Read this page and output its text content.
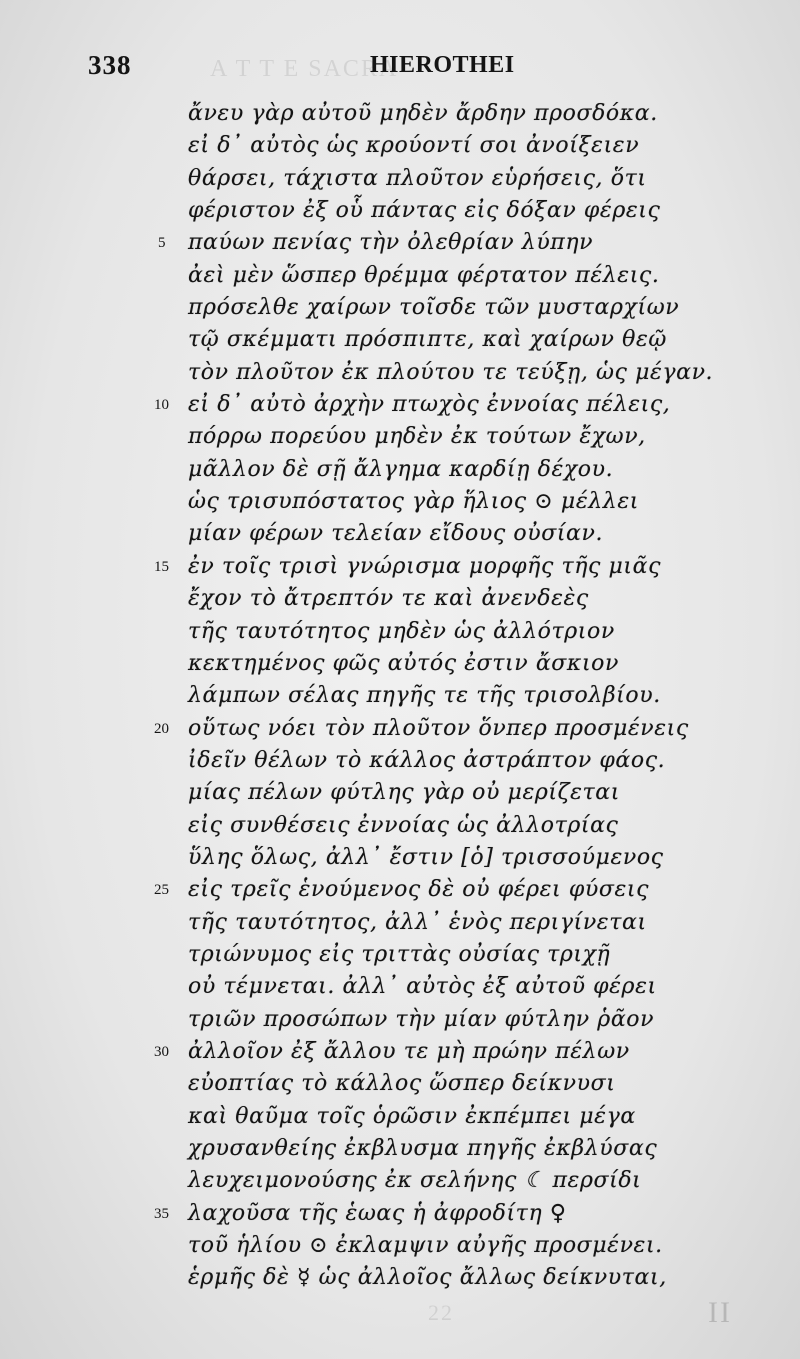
Α Τ Τ Ε SACRA
22	II
338	HIEROTHEI
ἄνευ γὰρ αὐτοῦ μηδὲν ἄρδην προσδόκα.
εἰ δ᾽ αὐτὸς ὡς κρούοντί σοι ἀνοίξειεν
θάρσει, τάχιστα πλοῦτον εὑρήσεις, ὅτι
φέριστον ἐξ οὗ πάντας εἰς δόξαν φέρεις
5	παύων πενίας τὴν ὀλεθρίαν λύπην
ἀεὶ μὲν ὥσπερ θρέμμα φέρτατον πέλεις.
πρόσελθε χαίρων τοῖσδε τῶν μυσταρχίων
τῷ σκέμματι πρόσπιπτε, καὶ χαίρων θεῷ
τὸν πλοῦτον ἐκ πλούτου τε τεύξῃ, ὡς μέγαν.
10 εἰ δ᾽ αὐτὸ ἀρχὴν πτωχὸς ἐννοίας πέλεις,
πόρρω πορεύου μηδὲν ἐκ τούτων ἔχων,
μᾶλλον δὲ σῇ ἄλγημα καρδίῃ δέχου.
ὡς τρισυπόστατος γὰρ ἥλιος ⊙ μέλλει
μίαν φέρων τελείαν εἴδους οὐσίαν.
15 ἐν τοῖς τρισὶ γνώρισμα μορφῆς τῆς μιᾶς
ἔχον τὸ ἄτρεπτόν τε καὶ ἀνενδεὲς
τῆς ταυτότητος μηδὲν ὡς ἀλλότριον
κεκτημένος φῶς αὐτός ἐστιν ἄσκιον
λάμπων σέλας πηγῆς τε τῆς τρισολβίου.
20 οὕτως νόει τὸν πλοῦτον ὅνπερ προσμένεις
ἰδεῖν θέλων τὸ κάλλος ἀστράπτον φάος.
μίας πέλων φύτλης γὰρ οὐ μερίζεται
εἰς συνθέσεις ἐννοίας ὡς ἀλλοτρίας
ὕλης ὅλως, ἀλλ᾽ ἔστιν [ὁ] τρισσούμενος
25 εἰς τρεῖς ἑνούμενος δὲ οὐ φέρει φύσεις
τῆς ταυτότητος, ἀλλ᾽ ἑνὸς περιγίνεται
τριώνυμος εἰς τριττὰς οὐσίας τριχῇ
οὐ τέμνεται. ἀλλ᾽ αὐτὸς ἐξ αὐτοῦ φέρει
τριῶν προσώπων τὴν μίαν φύτλην ῥᾶον
30 ἀλλοῖον ἐξ ἄλλου τε μὴ πρώην πέλων
εὐοπτίας τὸ κάλλος ὥσπερ δείκνυσι
καὶ θαῦμα τοῖς ὁρῶσιν ἐκπέμπει μέγα
χρυσανθείης ἐκβλυσμα πηγῆς ἐκβλύσας
λευχειμονούσης ἐκ σελήνης ☾ περσίδι
35 λαχοῦσα τῆς ἑωας ἡ ἀφροδίτη ♀
τοῦ ἡλίου ⊙ ἐκλαμψιν αὐγῆς προσμένει.
ἑρμῆς δὲ ☿ ὡς ἀλλοῖος ἄλλως δείκνυται,
